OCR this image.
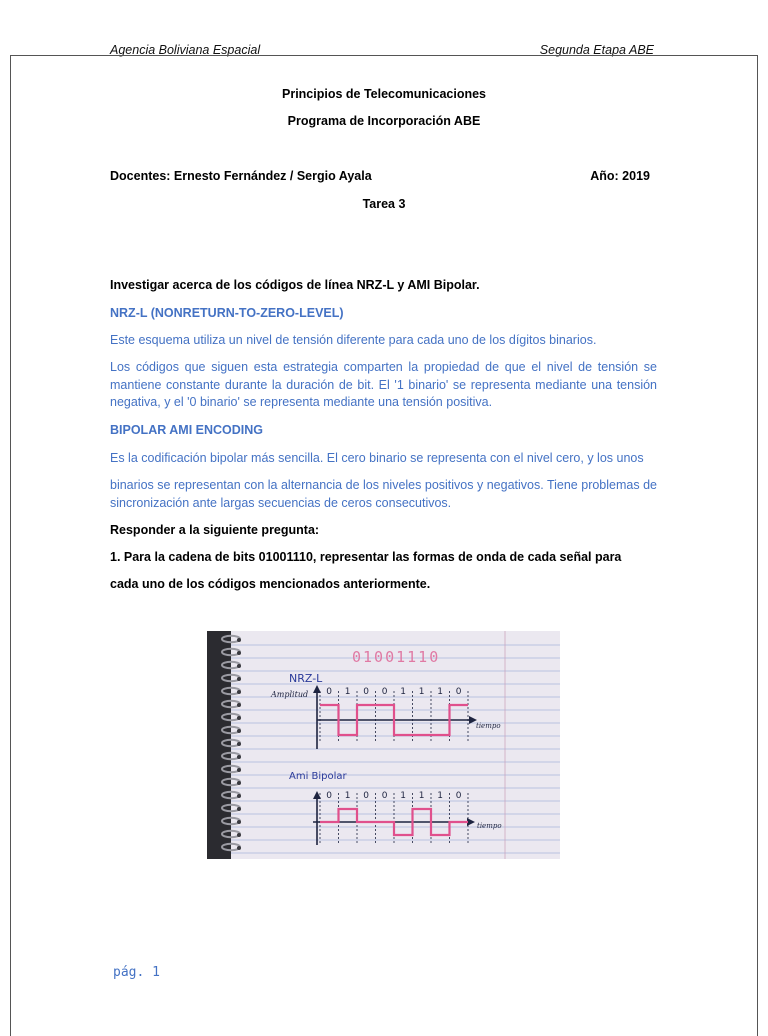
Agencia Boliviana Espacial	Segunda Etapa ABE
Principios de Telecomunicaciones
Programa de Incorporación ABE
Docentes: Ernesto Fernández / Sergio Ayala	Año: 2019
Tarea 3
Investigar acerca de los códigos de línea NRZ-L y AMI Bipolar.
NRZ-L (NONRETURN-TO-ZERO-LEVEL)
Este esquema utiliza un nivel de tensión diferente para cada uno de los dígitos binarios.
Los códigos que siguen esta estrategia comparten la propiedad de que el nivel de tensión se mantiene constante durante la duración de bit. El '1 binario' se representa mediante una tensión negativa, y el '0 binario' se representa mediante una tensión positiva.
BIPOLAR AMI ENCODING
Es la codificación bipolar más sencilla. El cero binario se representa con el nivel cero, y los unos
binarios se representan con la alternancia de los niveles positivos y negativos. Tiene problemas de sincronización ante largas secuencias de ceros consecutivos.
Responder a la siguiente pregunta:
1. Para la cadena de bits 01001110, representar las formas de onda de cada señal para
cada uno de los códigos mencionados anteriormente.
01001110
NRZ-L
Amplitud
tiempo
Ami Bipolar
tiempo
0 1 0 0 1 1 1 0
0 1 0 0 1 1 1 0
pág. 1
